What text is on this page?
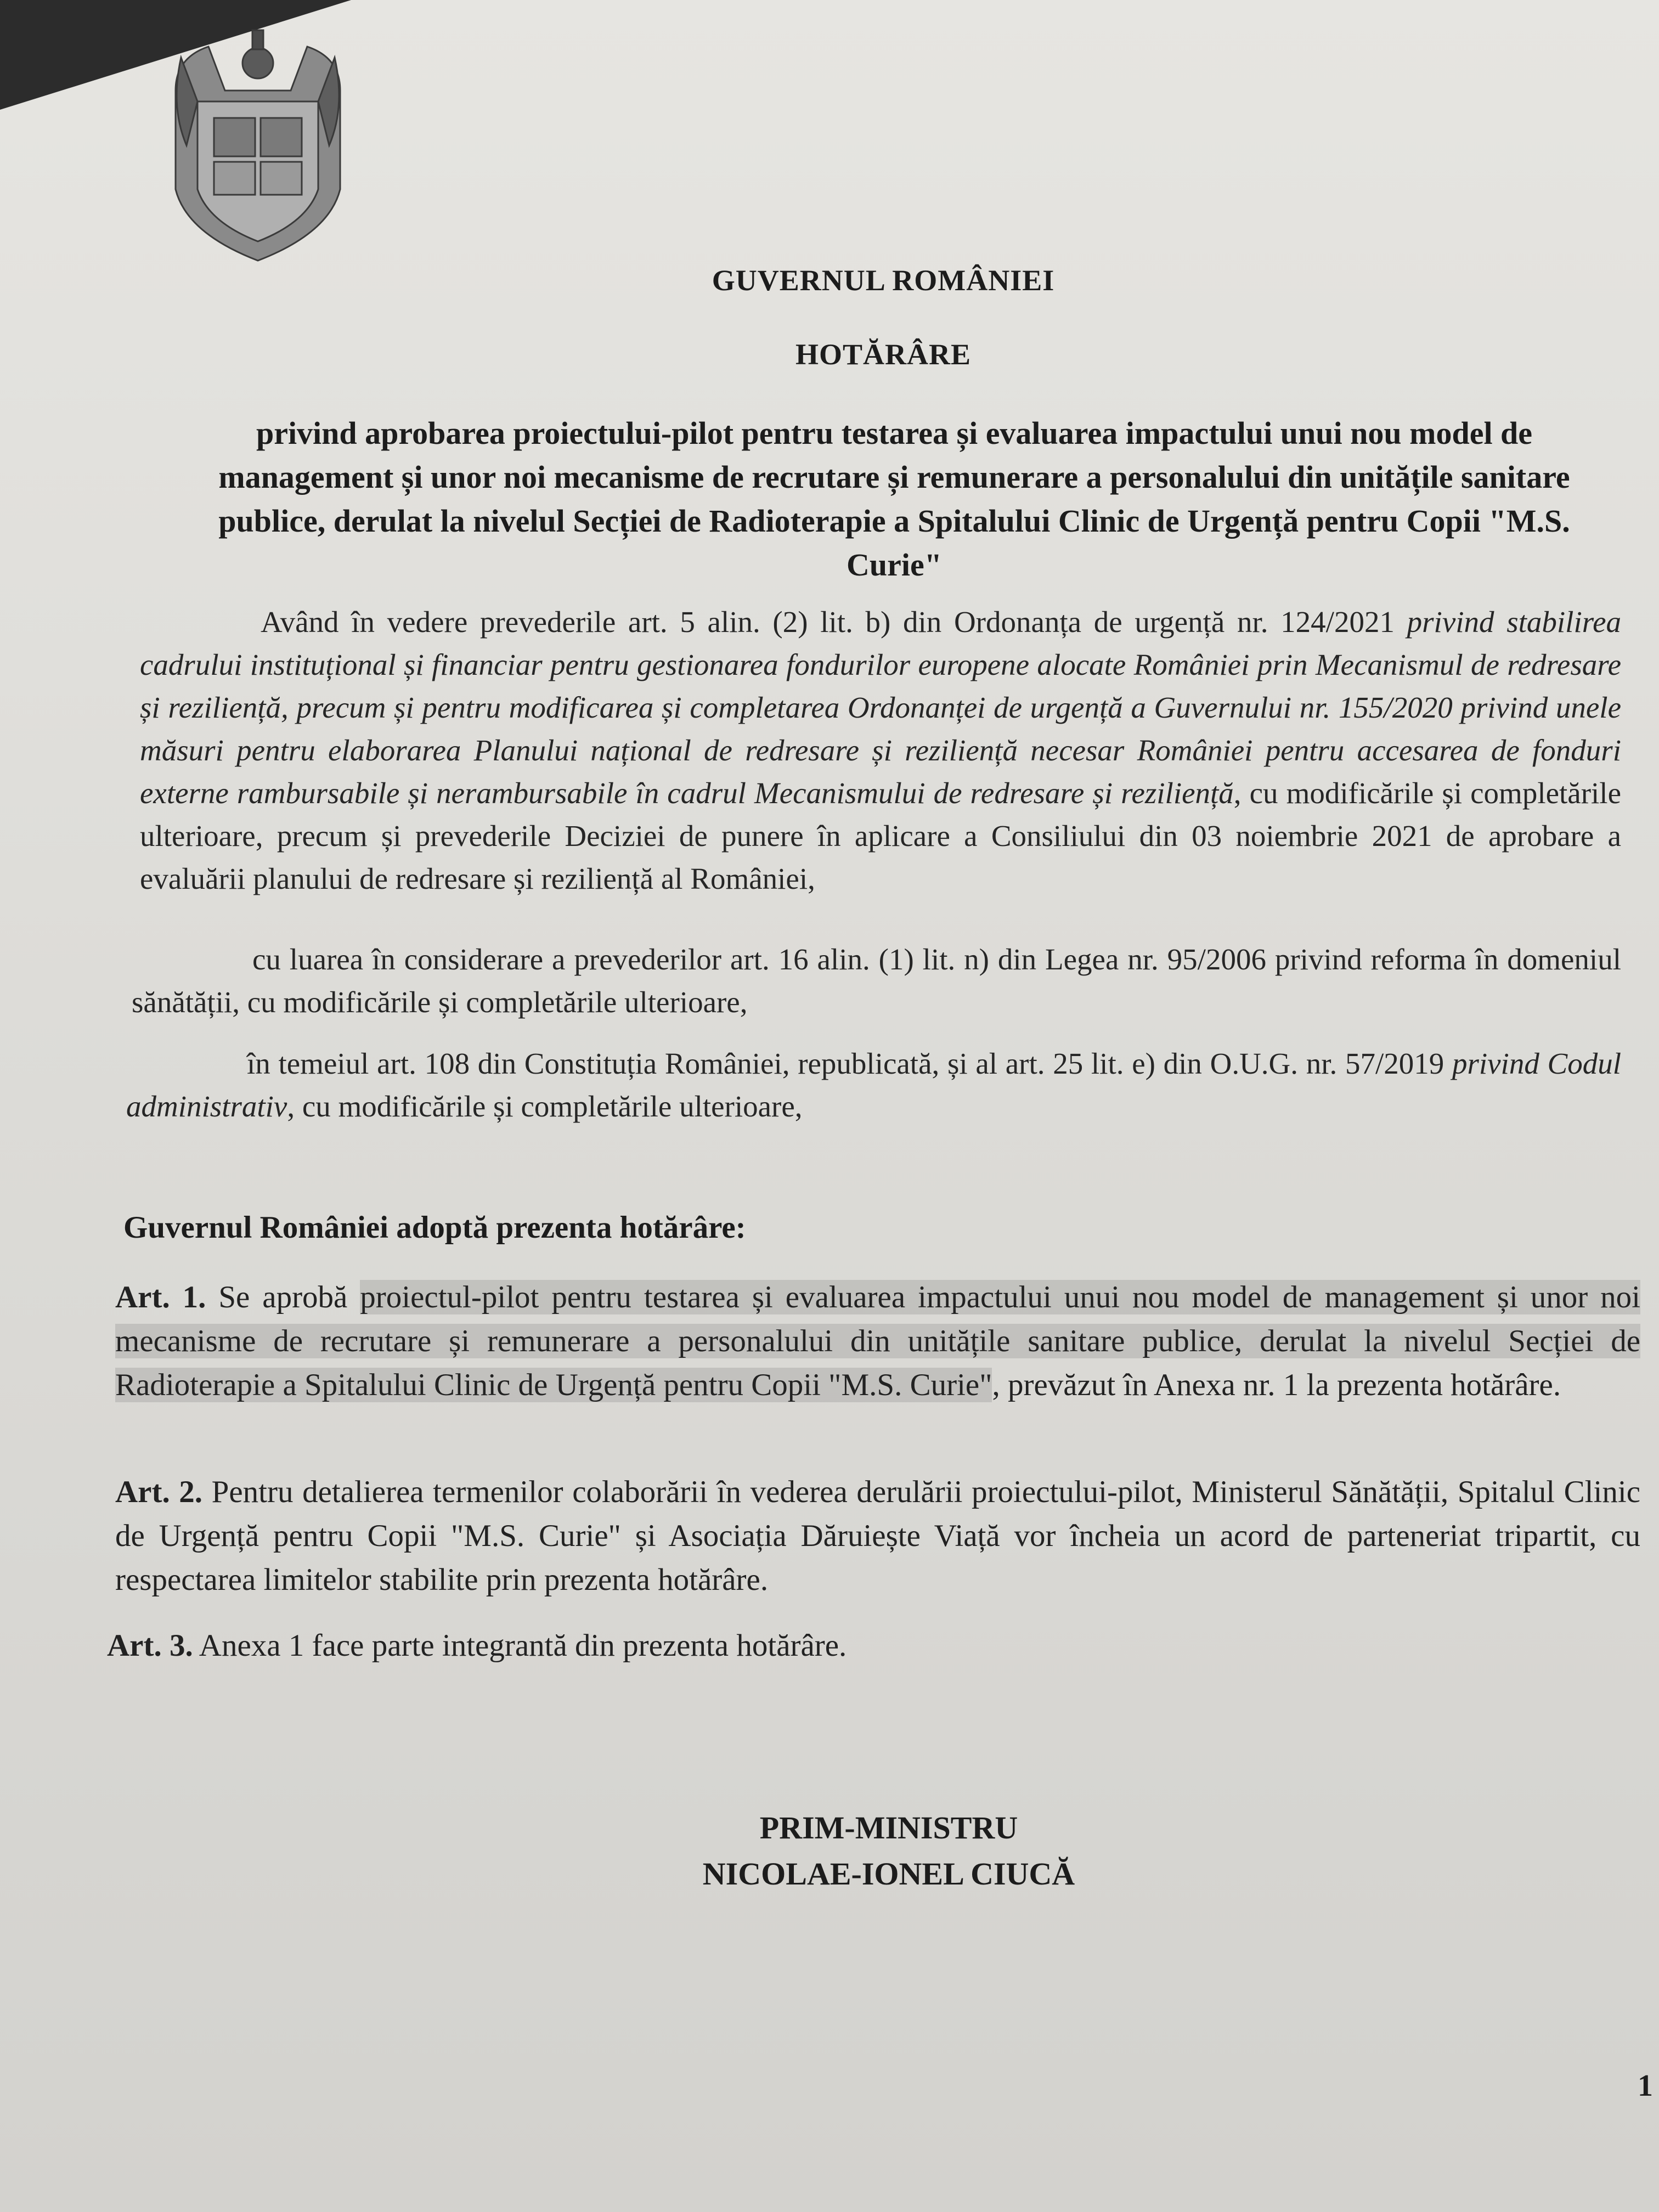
GUVERNUL ROMÂNIEI
HOTĂRÂRE
privind aprobarea proiectului-pilot pentru testarea și evaluarea impactului unui nou model de management și unor noi mecanisme de recrutare și remunerare a personalului din unitățile sanitare publice, derulat la nivelul Secției de Radioterapie a Spitalului Clinic de Urgență pentru Copii "M.S. Curie"
Având în vedere prevederile art. 5 alin. (2) lit. b) din Ordonanța de urgență nr. 124/2021 privind stabilirea cadrului instituțional și financiar pentru gestionarea fondurilor europene alocate României prin Mecanismul de redresare și reziliență, precum și pentru modificarea și completarea Ordonanței de urgență a Guvernului nr. 155/2020 privind unele măsuri pentru elaborarea Planului național de redresare și reziliență necesar României pentru accesarea de fonduri externe rambursabile și nerambursabile în cadrul Mecanismului de redresare și reziliență, cu modificările și completările ulterioare, precum și prevederile Deciziei de punere în aplicare a Consiliului din 03 noiembrie 2021 de aprobare a evaluării planului de redresare și reziliență al României,
cu luarea în considerare a prevederilor art. 16 alin. (1) lit. n) din Legea nr. 95/2006 privind reforma în domeniul sănătății, cu modificările și completările ulterioare,
în temeiul art. 108 din Constituția României, republicată, și al art. 25 lit. e) din O.U.G. nr. 57/2019 privind Codul administrativ, cu modificările și completările ulterioare,
Guvernul României adoptă prezenta hotărâre:
Art. 1. Se aprobă proiectul-pilot pentru testarea și evaluarea impactului unui nou model de management și unor noi mecanisme de recrutare și remunerare a personalului din unitățile sanitare publice, derulat la nivelul Secției de Radioterapie a Spitalului Clinic de Urgență pentru Copii "M.S. Curie", prevăzut în Anexa nr. 1 la prezenta hotărâre.
Art. 2. Pentru detalierea termenilor colaborării în vederea derulării proiectului-pilot, Ministerul Sănătății, Spitalul Clinic de Urgență pentru Copii "M.S. Curie" și Asociația Dăruiește Viață vor încheia un acord de parteneriat tripartit, cu respectarea limitelor stabilite prin prezenta hotărâre.
Art. 3. Anexa 1 face parte integrantă din prezenta hotărâre.
PRIM-MINISTRU
NICOLAE-IONEL CIUCĂ
1
